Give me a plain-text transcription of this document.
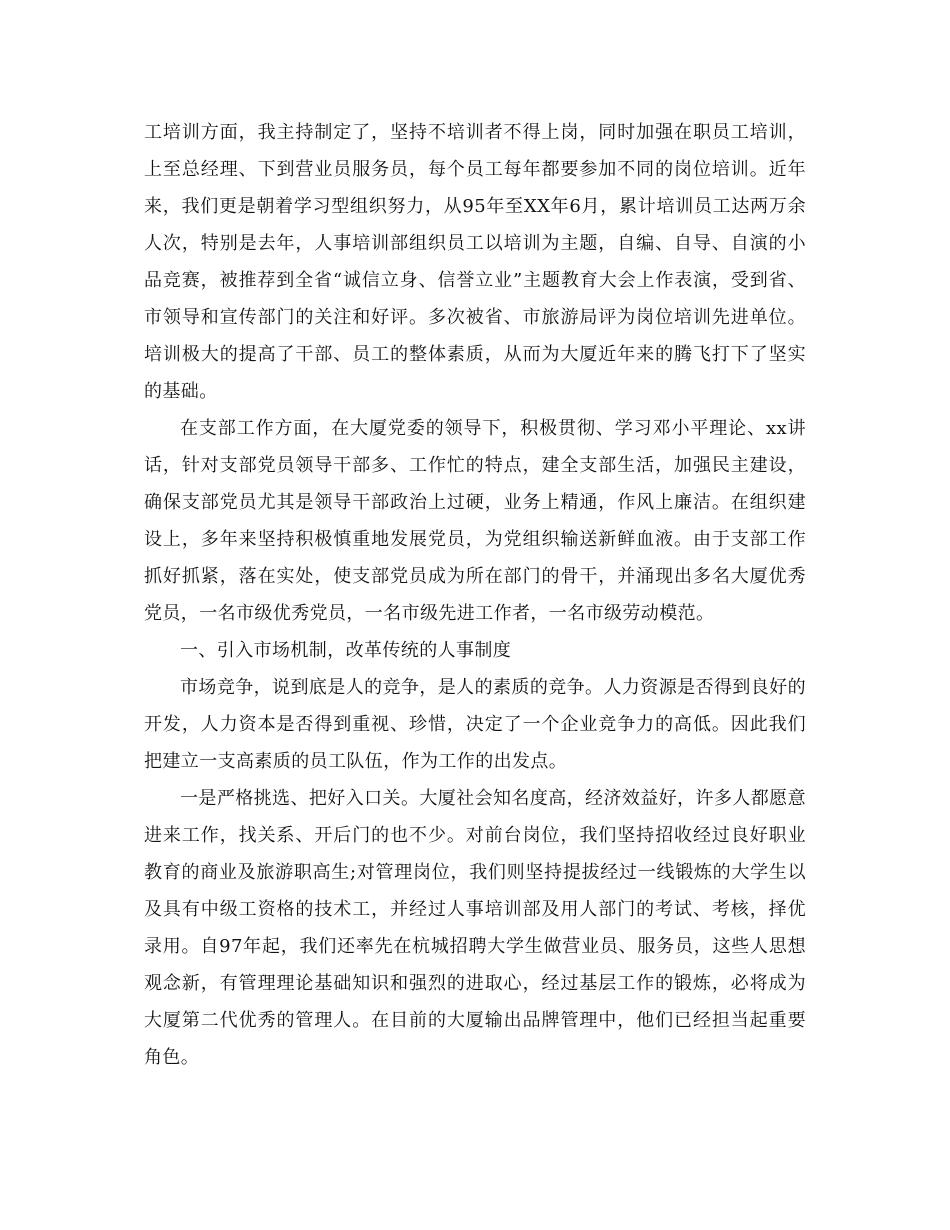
工培训方面，我主持制定了，坚持不培训者不得上岗，同时加强在职员工培训，上至总经理、下到营业员服务员，每个员工每年都要参加不同的岗位培训。近年来，我们更是朝着学习型组织努力，从95年至XX年6月，累计培训员工达两万余人次，特别是去年，人事培训部组织员工以培训为主题，自编、自导、自演的小品竞赛，被推荐到全省“诚信立身、信誉立业”主题教育大会上作表演，受到省、市领导和宣传部门的关注和好评。多次被省、市旅游局评为岗位培训先进单位。培训极大的提高了干部、员工的整体素质，从而为大厦近年来的腾飞打下了坚实的基础。

在支部工作方面，在大厦党委的领导下，积极贯彻、学习邓小平理论、xx讲话，针对支部党员领导干部多、工作忙的特点，建全支部生活，加强民主建设，确保支部党员尤其是领导干部政治上过硬，业务上精通，作风上廉洁。在组织建设上，多年来坚持积极慎重地发展党员，为党组织输送新鲜血液。由于支部工作抓好抓紧，落在实处，使支部党员成为所在部门的骨干，并涌现出多名大厦优秀党员，一名市级优秀党员，一名市级先进工作者，一名市级劳动模范。

一、引入市场机制，改革传统的人事制度

市场竞争，说到底是人的竞争，是人的素质的竞争。人力资源是否得到良好的开发，人力资本是否得到重视、珍惜，决定了一个企业竞争力的高低。因此我们把建立一支高素质的员工队伍，作为工作的出发点。

一是严格挑选、把好入口关。大厦社会知名度高，经济效益好，许多人都愿意进来工作，找关系、开后门的也不少。对前台岗位，我们坚持招收经过良好职业教育的商业及旅游职高生;对管理岗位，我们则坚持提拔经过一线锻炼的大学生以及具有中级工资格的技术工，并经过人事培训部及用人部门的考试、考核，择优录用。自97年起，我们还率先在杭城招聘大学生做营业员、服务员，这些人思想观念新，有管理理论基础知识和强烈的进取心，经过基层工作的锻炼，必将成为大厦第二代优秀的管理人。在目前的大厦输出品牌管理中，他们已经担当起重要角色。
